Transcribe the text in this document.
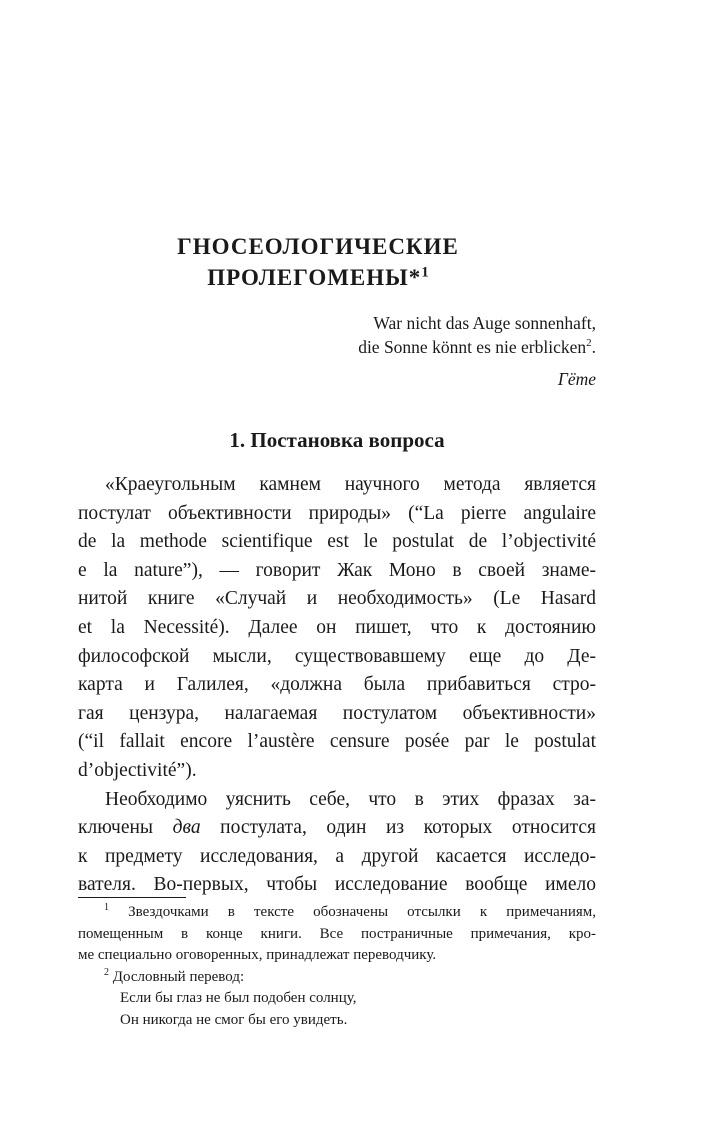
ГНОСЕОЛОГИЧЕСКИЕ
ПРОЛЕГОМЕНЫ*$^1$
War nicht das Auge sonnenhaft,
die Sonne könnt es nie erblicken$^2$.
Гёте
1. Постановка вопроса
«Краеугольным камнем научного метода является
постулат объективности природы» (“La pierre angulaire
de la methode scientifique est le postulat de l’objectivité
e la nature”), — говорит Жак Моно в своей знаме-
нитой книге «Случай и необходимость» (Le Hasard
et la Necessité). Далее он пишет, что к достоянию
философской мысли, существовавшему еще до Де-
карта и Галилея, «должна была прибавиться стро-
гая цензура, налагаемая постулатом объективности»
(“il fallait encore l’austère censure posée par le postulat
d’objectivité”).
Необходимо уяснить себе, что в этих фразах за-
ключены два постулата, один из которых относится
к предмету исследования, а другой касается исследо-
вателя. Во-первых, чтобы исследование вообще имело
$^1$ Звездочками в тексте обозначены отсылки к примечаниям,
помещенным в конце книги. Все постраничные примечания, кро-
ме специально оговоренных, принадлежат переводчику.
$^2$ Дословный перевод:
Если бы глаз не был подобен солнцу,
Он никогда не смог бы его увидеть.
